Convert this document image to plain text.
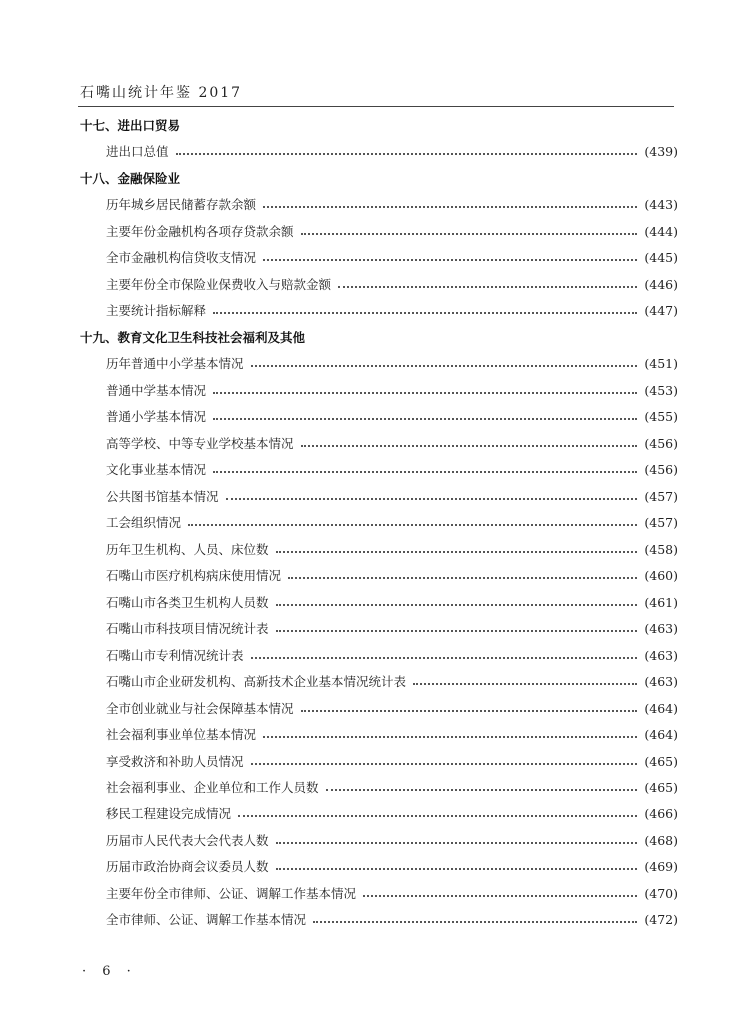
石嘴山统计年鉴 2017
十七、进出口贸易
进出口总值	(439)
十八、金融保险业
历年城乡居民储蓄存款余额	(443)
主要年份金融机构各项存贷款余额	(444)
全市金融机构信贷收支情况	(445)
主要年份全市保险业保费收入与赔款金额	(446)
主要统计指标解释	(447)
十九、教育文化卫生科技社会福利及其他
历年普通中小学基本情况	(451)
普通中学基本情况	(453)
普通小学基本情况	(455)
高等学校、中等专业学校基本情况	(456)
文化事业基本情况	(456)
公共图书馆基本情况	(457)
工会组织情况	(457)
历年卫生机构、人员、床位数	(458)
石嘴山市医疗机构病床使用情况	(460)
石嘴山市各类卫生机构人员数	(461)
石嘴山市科技项目情况统计表	(463)
石嘴山市专利情况统计表	(463)
石嘴山市企业研发机构、高新技术企业基本情况统计表	(463)
全市创业就业与社会保障基本情况	(464)
社会福利事业单位基本情况	(464)
享受救济和补助人员情况	(465)
社会福利事业、企业单位和工作人员数	(465)
移民工程建设完成情况	(466)
历届市人民代表大会代表人数	(468)
历届市政治协商会议委员人数	(469)
主要年份全市律师、公证、调解工作基本情况	(470)
全市律师、公证、调解工作基本情况	(472)
· 6 ·
